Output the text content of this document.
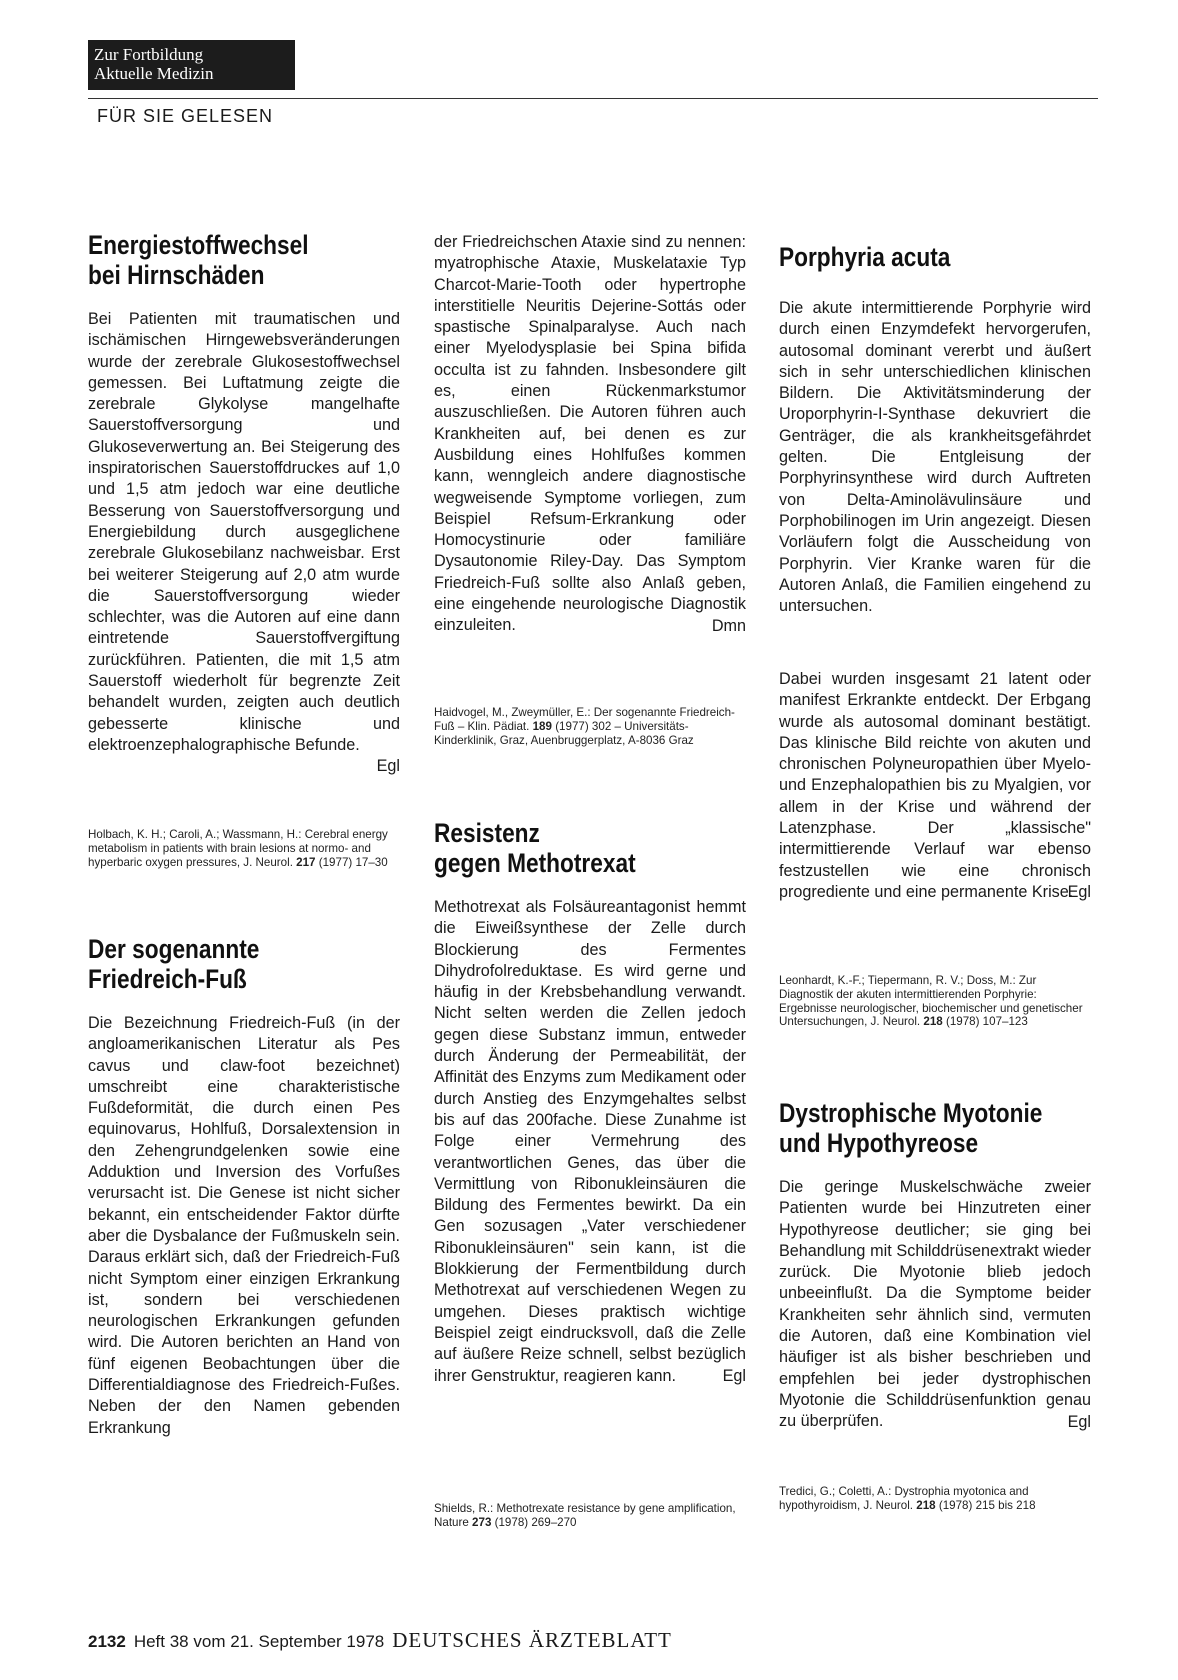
Zur Fortbildung
Aktuelle Medizin
FÜR SIE GELESEN
Energiestoffwechsel
bei Hirnschäden
Bei Patienten mit traumatischen und ischämischen Hirngewebsveränderungen wurde der zerebrale Glukosestoffwechsel gemessen. Bei Luftatmung zeigte die zerebrale Glykolyse mangelhafte Sauerstoffversorgung und Glukoseverwertung an. Bei Steigerung des inspiratorischen Sauerstoffdruckes auf 1,0 und 1,5 atm jedoch war eine deutliche Besserung von Sauerstoffversorgung und Energiebildung durch ausgeglichene zerebrale Glukosebilanz nachweisbar. Erst bei weiterer Steigerung auf 2,0 atm wurde die Sauerstoffversorgung wieder schlechter, was die Autoren auf eine dann eintretende Sauerstoffvergiftung zurückführen. Patienten, die mit 1,5 atm Sauerstoff wiederholt für begrenzte Zeit behandelt wurden, zeigten auch deutlich gebesserte klinische und elektroenzephalographische Befunde.
Egl
Holbach, K. H.; Caroli, A.; Wassmann, H.: Cerebral energy metabolism in patients with brain lesions at normo- and hyperbaric oxygen pressures, J. Neurol. 217 (1977) 17–30
Der sogenannte
Friedreich-Fuß
Die Bezeichnung Friedreich-Fuß (in der angloamerikanischen Literatur als Pes cavus und claw-foot bezeichnet) umschreibt eine charakteristische Fußdeformität, die durch einen Pes equinovarus, Hohlfuß, Dorsalextension in den Zehengrundgelenken sowie eine Adduktion und Inversion des Vorfußes verursacht ist. Die Genese ist nicht sicher bekannt, ein entscheidender Faktor dürfte aber die Dysbalance der Fußmuskeln sein. Daraus erklärt sich, daß der Friedreich-Fuß nicht Symptom einer einzigen Erkrankung ist, sondern bei verschiedenen neurologischen Erkrankungen gefunden wird. Die Autoren berichten an Hand von fünf eigenen Beobachtungen über die Differentialdiagnose des Friedreich-Fußes. Neben der den Namen gebenden Erkrankung
der Friedreichschen Ataxie sind zu nennen: myatrophische Ataxie, Muskelataxie Typ Charcot-Marie-Tooth oder hypertrophe interstitielle Neuritis Dejerine-Sottás oder spastische Spinalparalyse. Auch nach einer Myelodysplasie bei Spina bifida occulta ist zu fahnden. Insbesondere gilt es, einen Rückenmarkstumor auszuschließen. Die Autoren führen auch Krankheiten auf, bei denen es zur Ausbildung eines Hohlfußes kommen kann, wenngleich andere diagnostische wegweisende Symptome vorliegen, zum Beispiel Refsum-Erkrankung oder Homocystinurie oder familiäre Dysautonomie Riley-Day. Das Symptom Friedreich-Fuß sollte also Anlaß geben, eine eingehende neurologische Diagnostik einzuleiten.	Dmn
Haidvogel, M., Zweymüller, E.: Der sogenannte Friedreich-Fuß – Klin. Pädiat. 189 (1977) 302 – Universitäts-Kinderklinik, Graz, Auenbruggerplatz, A-8036 Graz
Resistenz
gegen Methotrexat
Methotrexat als Folsäureantagonist hemmt die Eiweißsynthese der Zelle durch Blockierung des Fermentes Dihydrofolreduktase. Es wird gerne und häufig in der Krebsbehandlung verwandt. Nicht selten werden die Zellen jedoch gegen diese Substanz immun, entweder durch Änderung der Permeabilität, der Affinität des Enzyms zum Medikament oder durch Anstieg des Enzymgehaltes selbst bis auf das 200fache. Diese Zunahme ist Folge einer Vermehrung des verantwortlichen Genes, das über die Vermittlung von Ribonukleinsäuren die Bildung des Fermentes bewirkt. Da ein Gen sozusagen „Vater verschiedener Ribonukleinsäuren" sein kann, ist die Blokkierung der Fermentbildung durch Methotrexat auf verschiedenen Wegen zu umgehen. Dieses praktisch wichtige Beispiel zeigt eindrucksvoll, daß die Zelle auf äußere Reize schnell, selbst bezüglich ihrer Genstruktur, reagieren kann.	Egl
Shields, R.: Methotrexate resistance by gene amplification, Nature 273 (1978) 269–270
Porphyria acuta
Die akute intermittierende Porphyrie wird durch einen Enzymdefekt hervorgerufen, autosomal dominant vererbt und äußert sich in sehr unterschiedlichen klinischen Bildern. Die Aktivitätsminderung der Uroporphyrin-I-Synthase dekuvriert die Genträger, die als krankheitsgefährdet gelten. Die Entgleisung der Porphyrinsynthese wird durch Auftreten von Delta-Aminolävulinsäure und Porphobilinogen im Urin angezeigt. Diesen Vorläufern folgt die Ausscheidung von Porphyrin. Vier Kranke waren für die Autoren Anlaß, die Familien eingehend zu untersuchen.
Dabei wurden insgesamt 21 latent oder manifest Erkrankte entdeckt. Der Erbgang wurde als autosomal dominant bestätigt. Das klinische Bild reichte von akuten und chronischen Polyneuropathien über Myelo- und Enzephalopathien bis zu Myalgien, vor allem in der Krise und während der Latenzphase. Der „klassische" intermittierende Verlauf war ebenso festzustellen wie eine chronisch progrediente und eine permanente Krise.
Egl
Leonhardt, K.-F.; Tiepermann, R. V.; Doss, M.: Zur Diagnostik der akuten intermittierenden Porphyrie: Ergebnisse neurologischer, biochemischer und genetischer Untersuchungen, J. Neurol. 218 (1978) 107–123
Dystrophische Myotonie
und Hypothyreose
Die geringe Muskelschwäche zweier Patienten wurde bei Hinzutreten einer Hypothyreose deutlicher; sie ging bei Behandlung mit Schilddrüsenextrakt wieder zurück. Die Myotonie blieb jedoch unbeeinflußt. Da die Symptome beider Krankheiten sehr ähnlich sind, vermuten die Autoren, daß eine Kombination viel häufiger ist als bisher beschrieben und empfehlen bei jeder dystrophischen Myotonie die Schilddrüsenfunktion genau zu überprüfen.	Egl
Tredici, G.; Coletti, A.: Dystrophia myotonica and hypothyroidism, J. Neurol. 218 (1978) 215 bis 218
2132 Heft 38 vom 21. September 1978 DEUTSCHES ÄRZTEBLATT
